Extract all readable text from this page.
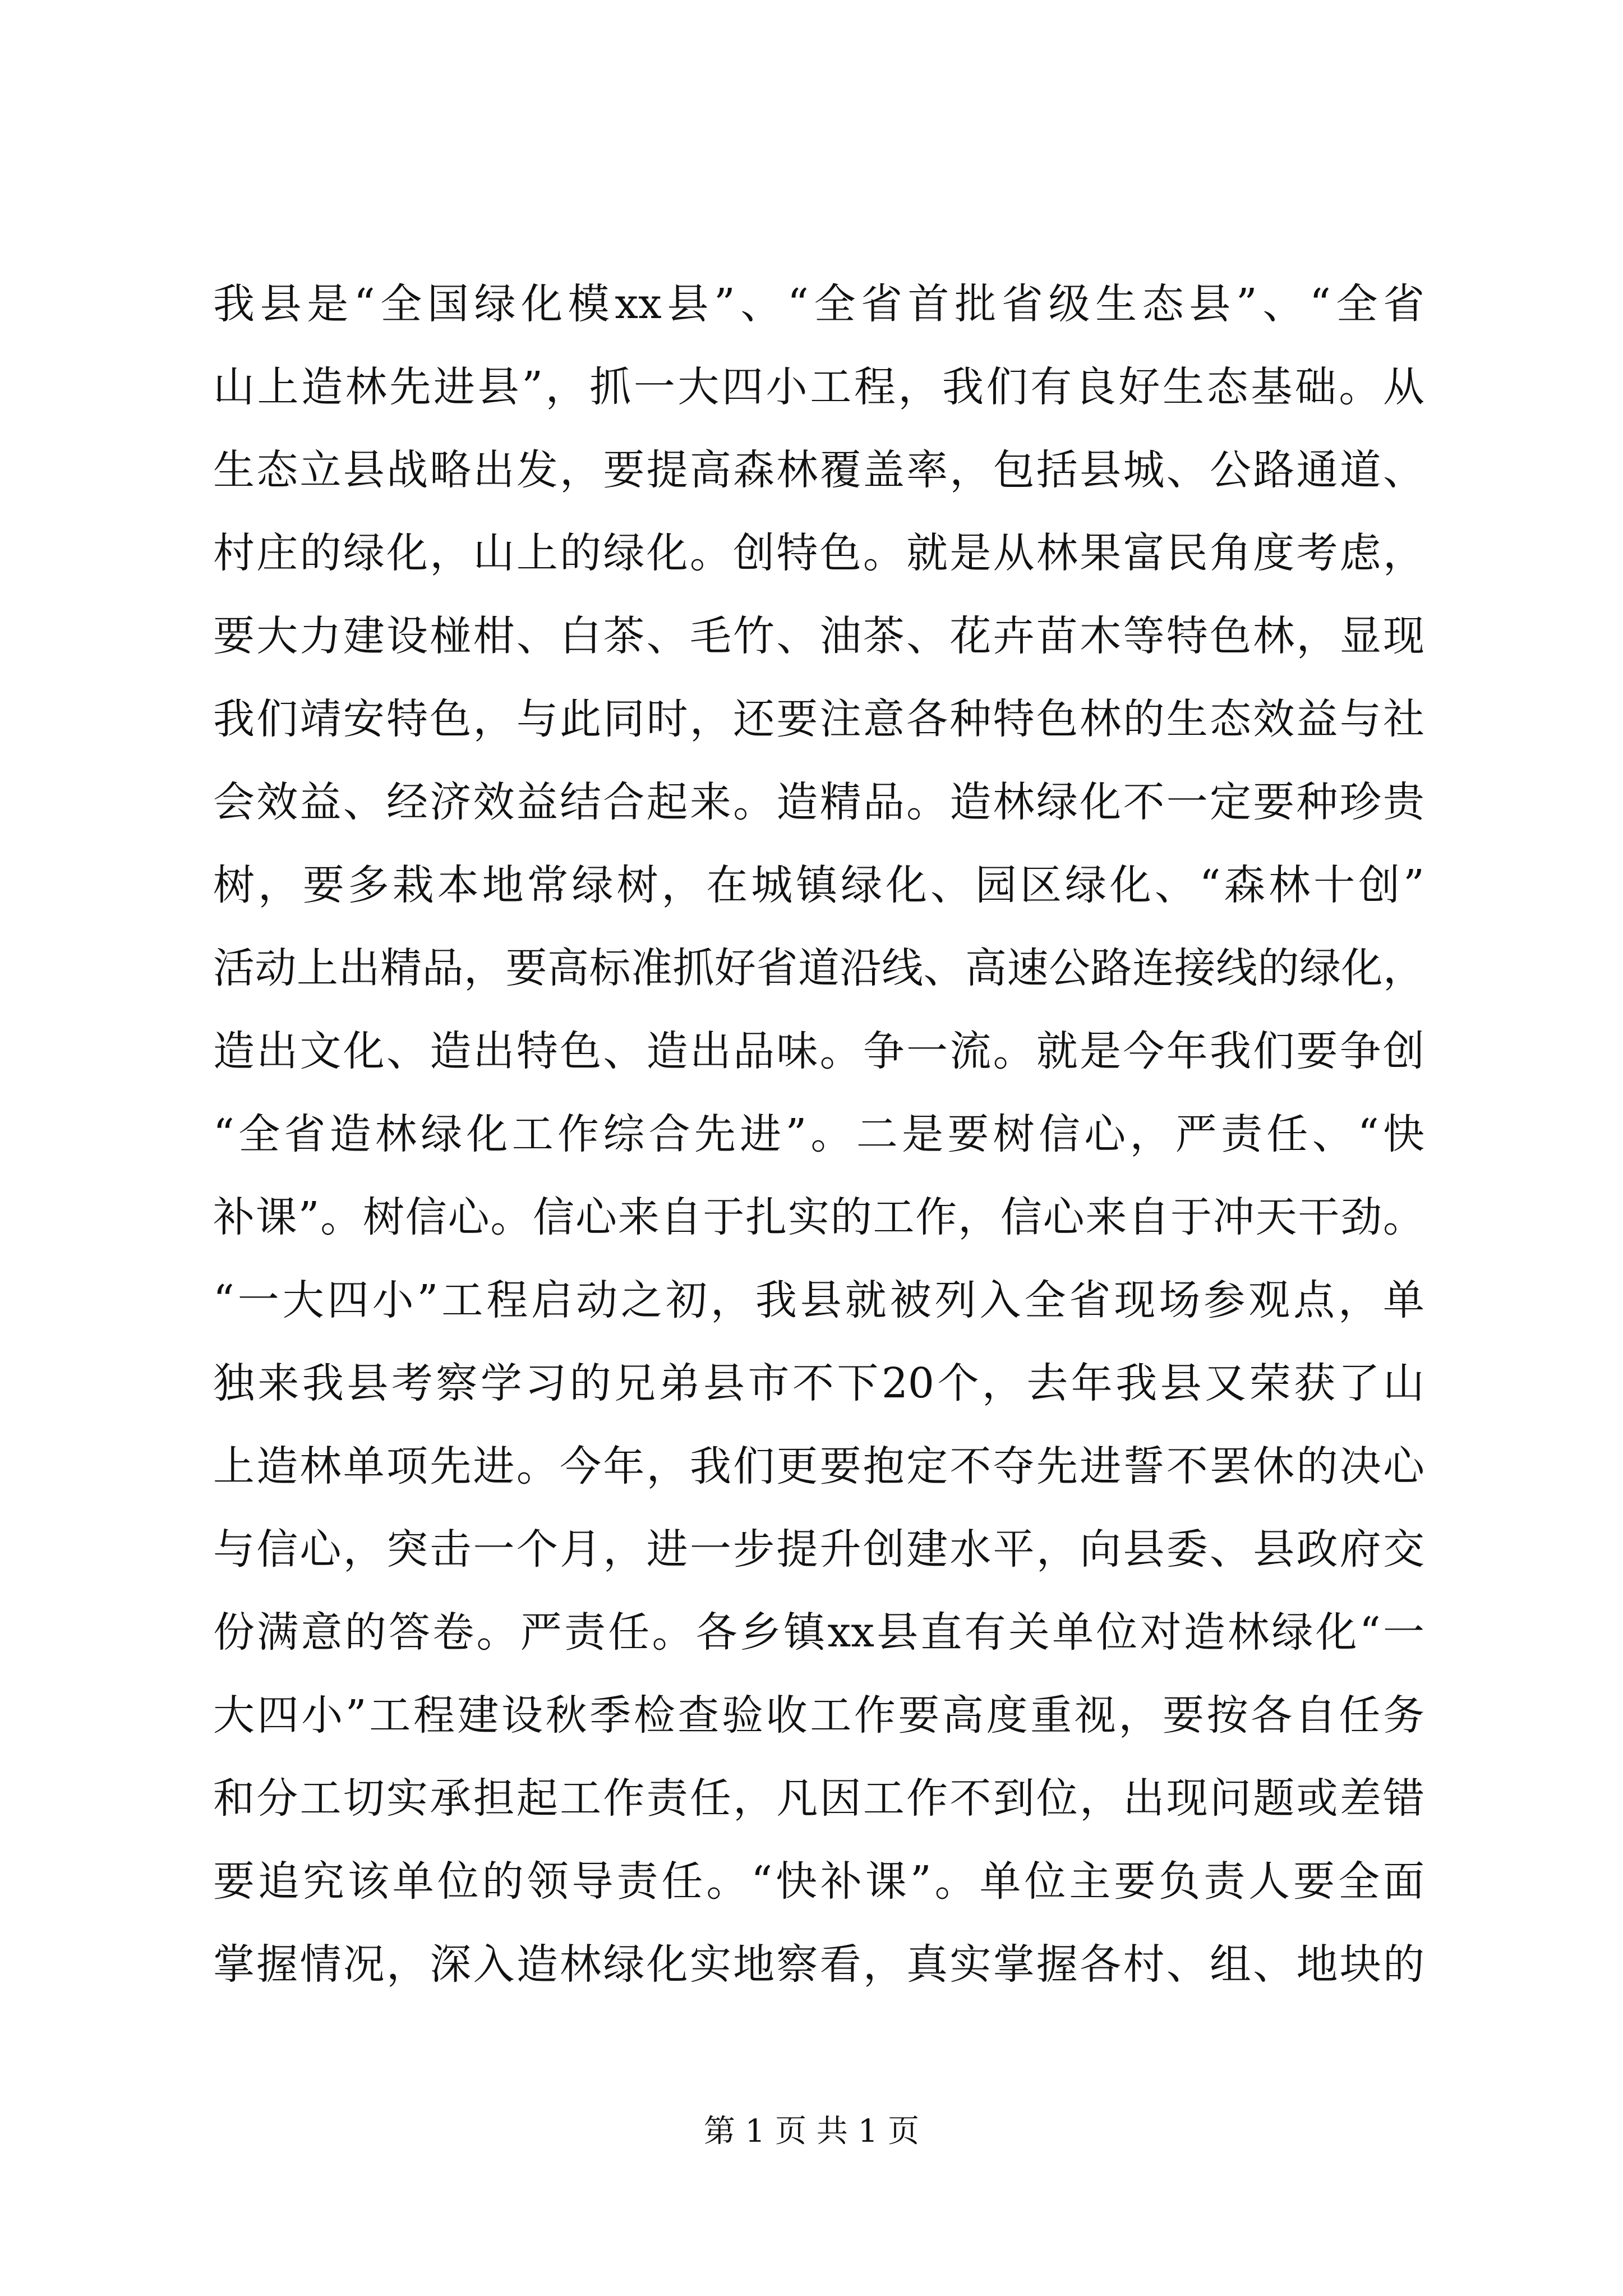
我县是“全国绿化模xx县”、“全省首批省级生态县”、“全省
山上造林先进县”，抓一大四小工程，我们有良好生态基础。从
生态立县战略出发，要提高森林覆盖率，包括县城、公路通道、
村庄的绿化，山上的绿化。创特色。就是从林果富民角度考虑，
要大力建设椪柑、白茶、毛竹、油茶、花卉苗木等特色林，显现
我们靖安特色，与此同时，还要注意各种特色林的生态效益与社
会效益、经济效益结合起来。造精品。造林绿化不一定要种珍贵
树，要多栽本地常绿树，在城镇绿化、园区绿化、“森林十创”
活动上出精品，要高标准抓好省道沿线、高速公路连接线的绿化，
造出文化、造出特色、造出品味。争一流。就是今年我们要争创
“全省造林绿化工作综合先进”。二是要树信心，严责任、“快
补课”。树信心。信心来自于扎实的工作，信心来自于冲天干劲。
“一大四小”工程启动之初，我县就被列入全省现场参观点，单
独来我县考察学习的兄弟县市不下20个，去年我县又荣获了山
上造林单项先进。今年，我们更要抱定不夺先进誓不罢休的决心
与信心，突击一个月，进一步提升创建水平，向县委、县政府交
份满意的答卷。严责任。各乡镇xx县直有关单位对造林绿化“一
大四小”工程建设秋季检查验收工作要高度重视，要按各自任务
和分工切实承担起工作责任，凡因工作不到位，出现问题或差错
要追究该单位的领导责任。“快补课”。单位主要负责人要全面
掌握情况，深入造林绿化实地察看，真实掌握各村、组、地块的
第 1 页 共 1 页
